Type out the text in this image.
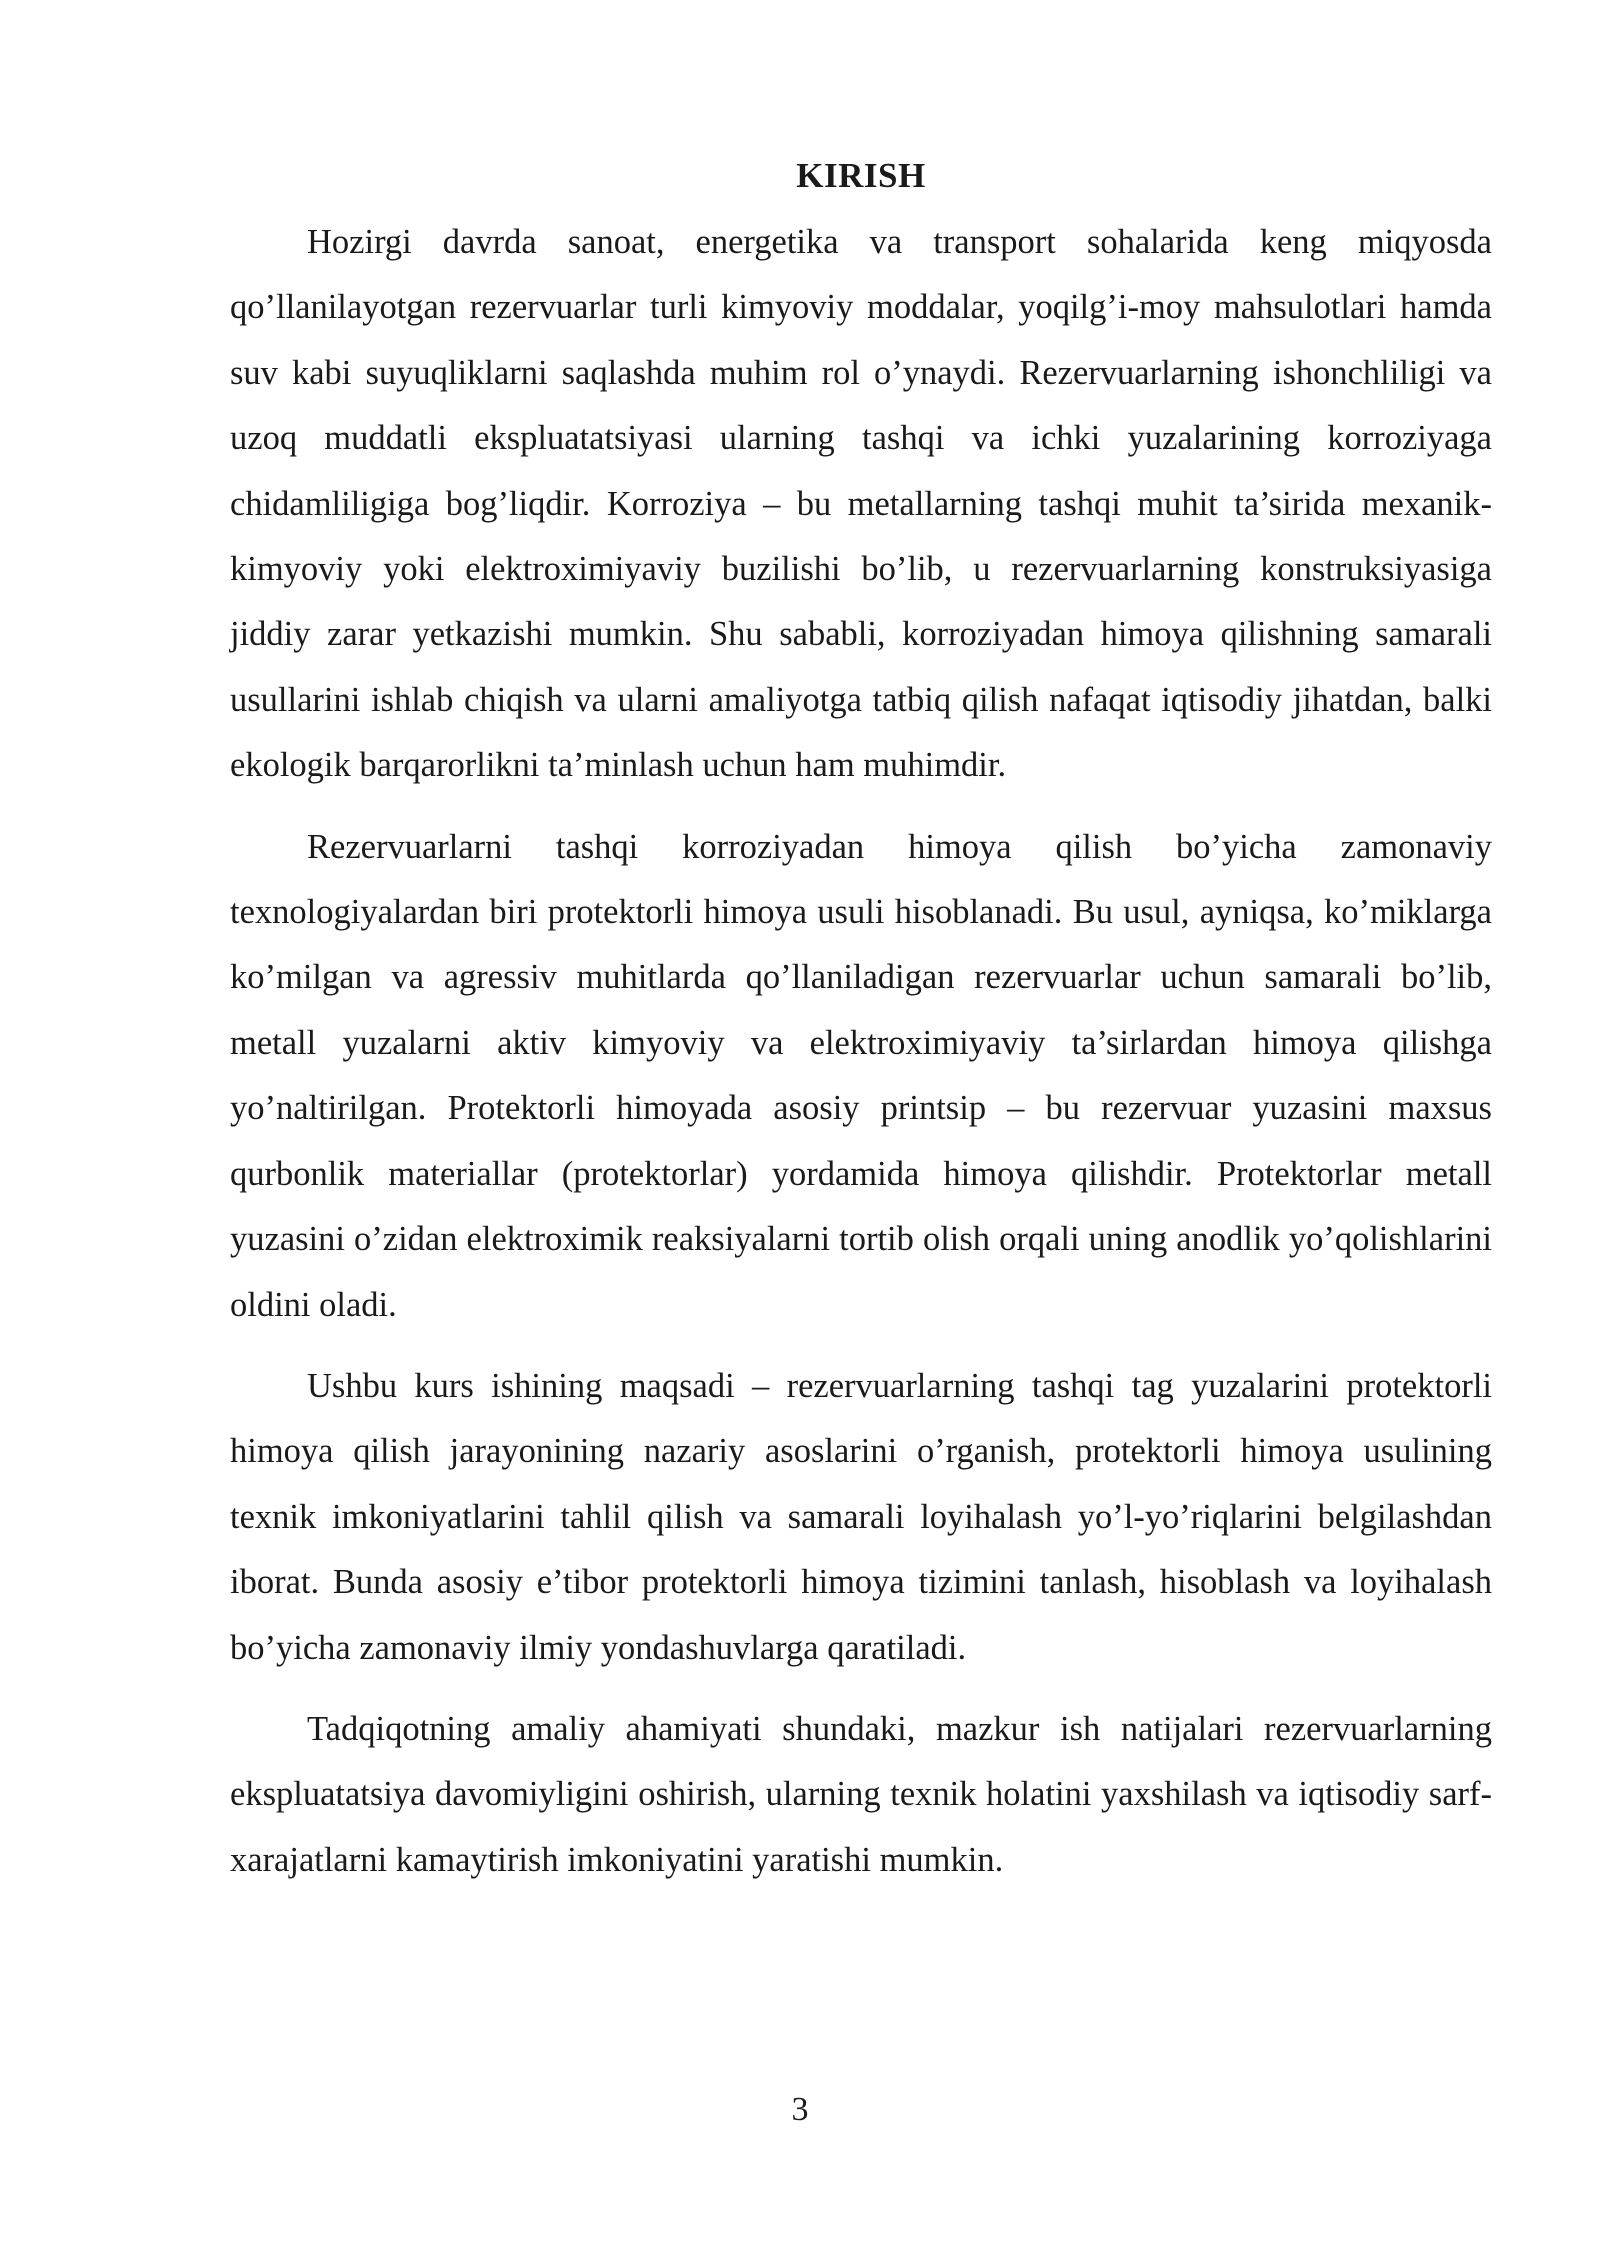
KIRISH

Hozirgi davrda sanoat, energetika va transport sohalarida keng miqyosda qo’llanilayotgan rezervuarlar turli kimyoviy moddalar, yoqilg’i-moy mahsulotlari hamda suv kabi suyuqliklarni saqlashda muhim rol o’ynaydi. Rezervuarlarning ishonchliligi va uzoq muddatli ekspluatatsiyasi ularning tashqi va ichki yuzalarining korroziyaga chidamliligiga bog’liqdir. Korroziya – bu metallarning tashqi muhit ta’sirida mexanik-kimyoviy yoki elektroximiyaviy buzilishi bo’lib, u rezervuarlarning konstruksiyasiga jiddiy zarar yetkazishi mumkin. Shu sababli, korroziyadan himoya qilishning samarali usullarini ishlab chiqish va ularni amaliyotga tatbiq qilish nafaqat iqtisodiy jihatdan, balki ekologik barqarorlikni ta’minlash uchun ham muhimdir.

Rezervuarlarni tashqi korroziyadan himoya qilish bo’yicha zamonaviy texnologiyalardan biri protektorli himoya usuli hisoblanadi. Bu usul, ayniqsa, ko’miklarga ko’milgan va agressiv muhitlarda qo’llaniladigan rezervuarlar uchun samarali bo’lib, metall yuzalarni aktiv kimyoviy va elektroximiyaviy ta’sirlardan himoya qilishga yo’naltirilgan. Protektorli himoyada asosiy printsip – bu rezervuar yuzasini maxsus qurbonlik materiallar (protektorlar) yordamida himoya qilishdir. Protektorlar metall yuzasini o’zidan elektroximik reaksiyalarni tortib olish orqali uning anodlik yo’qolishlarini oldini oladi.

Ushbu kurs ishining maqsadi – rezervuarlarning tashqi tag yuzalarini protektorli himoya qilish jarayonining nazariy asoslarini o’rganish, protektorli himoya usulining texnik imkoniyatlarini tahlil qilish va samarali loyihalash yo’l-yo’riqlarini belgilashdan iborat. Bunda asosiy e’tibor protektorli himoya tizimini tanlash, hisoblash va loyihalash bo’yicha zamonaviy ilmiy yondashuvlarga qaratiladi.

Tadqiqotning amaliy ahamiyati shundaki, mazkur ish natijalari rezervuarlarning ekspluatatsiya davomiyligini oshirish, ularning texnik holatini yaxshilash va iqtisodiy sarf-xarajatlarni kamaytirish imkoniyatini yaratishi mumkin.

3
